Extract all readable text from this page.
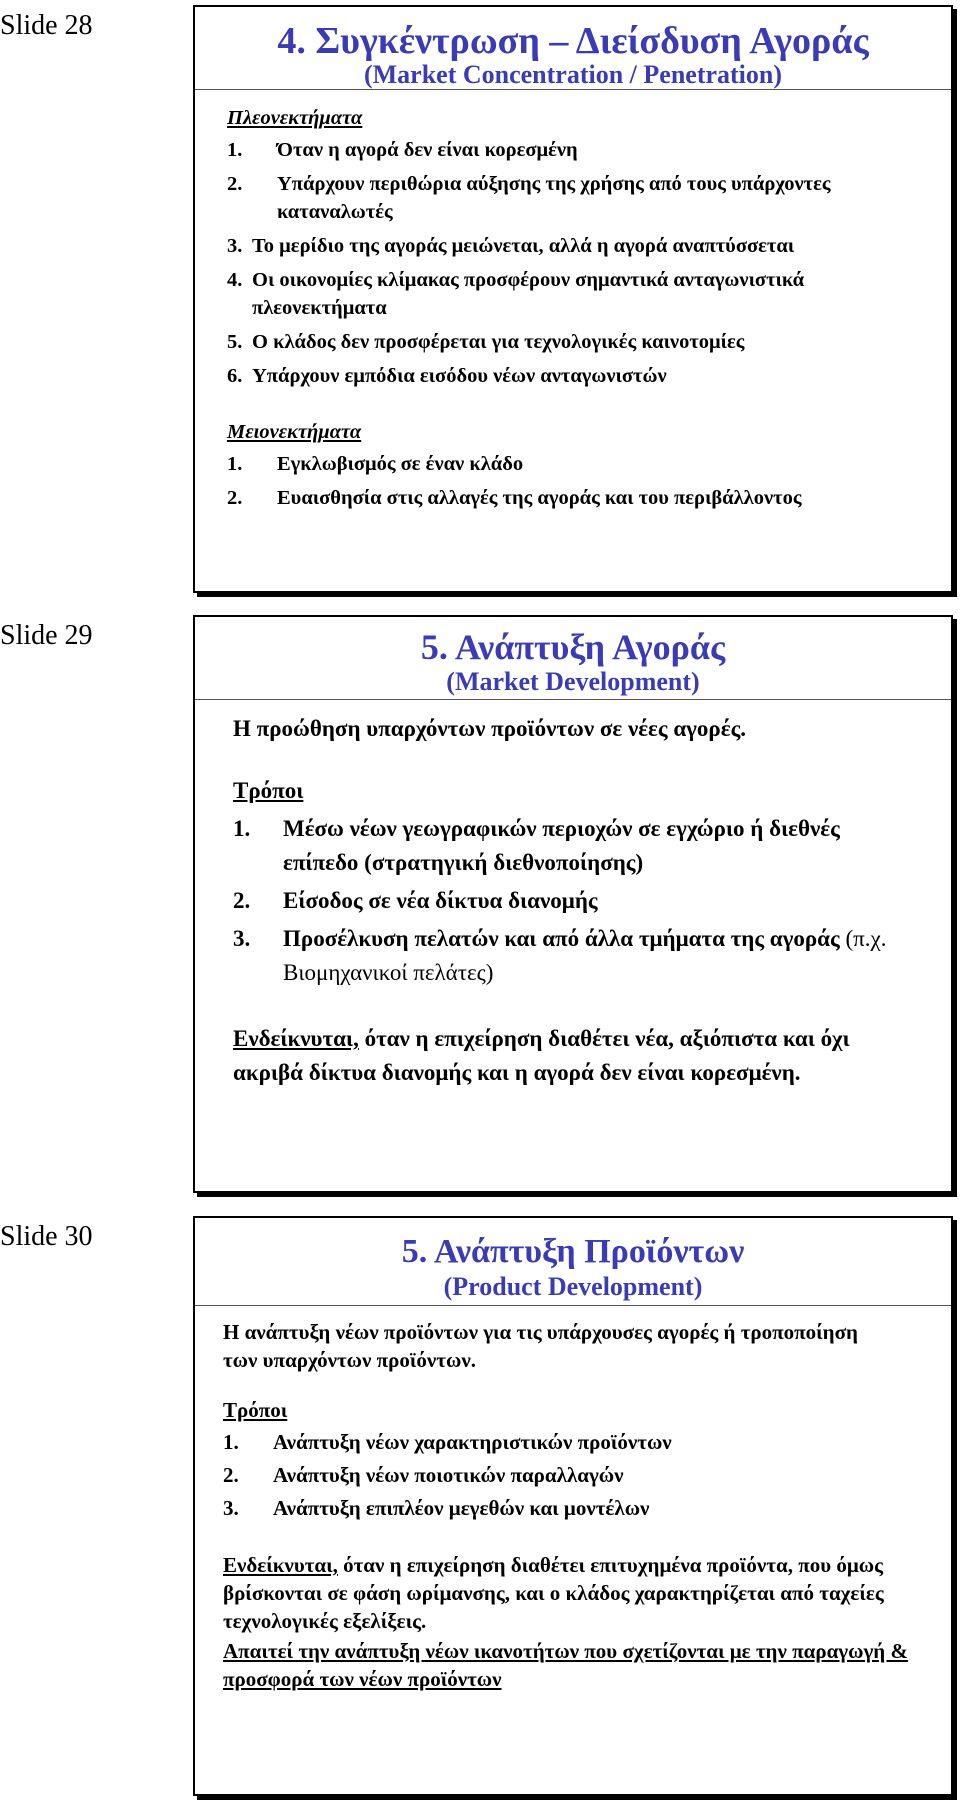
Slide 28	4. Συγκέντρωση – Διείσδυση Αγοράς
(Market Concentration / Penetration)
Πλεονεκτήματα
1.	Όταν η αγορά δεν είναι κορεσμένη
2.	Υπάρχουν περιθώρια αύξησης της χρήσης από τους υπάρχοντες καταναλωτές
3. Το μερίδιο της αγοράς μειώνεται, αλλά η αγορά αναπτύσσεται
4. Οι οικονομίες κλίμακας προσφέρουν σημαντικά ανταγωνιστικά πλεονεκτήματα
5. Ο κλάδος δεν προσφέρεται για τεχνολογικές καινοτομίες
6. Υπάρχουν εμπόδια εισόδου νέων ανταγωνιστών
Μειονεκτήματα
1.	Εγκλωβισμός σε έναν κλάδο
2.	Ευαισθησία στις αλλαγές της αγοράς και του περιβάλλοντος
Slide 29	5. Ανάπτυξη Αγοράς
(Market Development)
Η προώθηση υπαρχόντων προϊόντων σε νέες αγορές.
Τρόποι
1.	Μέσω νέων γεωγραφικών περιοχών σε εγχώριο ή διεθνές επίπεδο (στρατηγική διεθνοποίησης)
2.	Είσοδος σε νέα δίκτυα διανομής
3.	Προσέλκυση πελατών και από άλλα τμήματα της αγοράς (π.χ. Βιομηχανικοί πελάτες)
Ενδείκνυται, όταν η επιχείρηση διαθέτει νέα, αξιόπιστα και όχι ακριβά δίκτυα διανομής και η αγορά δεν είναι κορεσμένη.
Slide 30	5. Ανάπτυξη Προϊόντων
(Product Development)
Η ανάπτυξη νέων προϊόντων για τις υπάρχουσες αγορές ή τροποποίηση των υπαρχόντων προϊόντων.
Τρόποι
1.	Ανάπτυξη νέων χαρακτηριστικών προϊόντων
2.	Ανάπτυξη νέων ποιοτικών παραλλαγών
3.	Ανάπτυξη επιπλέον μεγεθών και μοντέλων
Ενδείκνυται, όταν η επιχείρηση διαθέτει επιτυχημένα προϊόντα, που όμως βρίσκονται σε φάση ωρίμανσης, και ο κλάδος χαρακτηρίζεται από ταχείες τεχνολογικές εξελίξεις.
Απαιτεί την ανάπτυξη νέων ικανοτήτων που σχετίζονται με την παραγωγή & προσφορά των νέων προϊόντων
